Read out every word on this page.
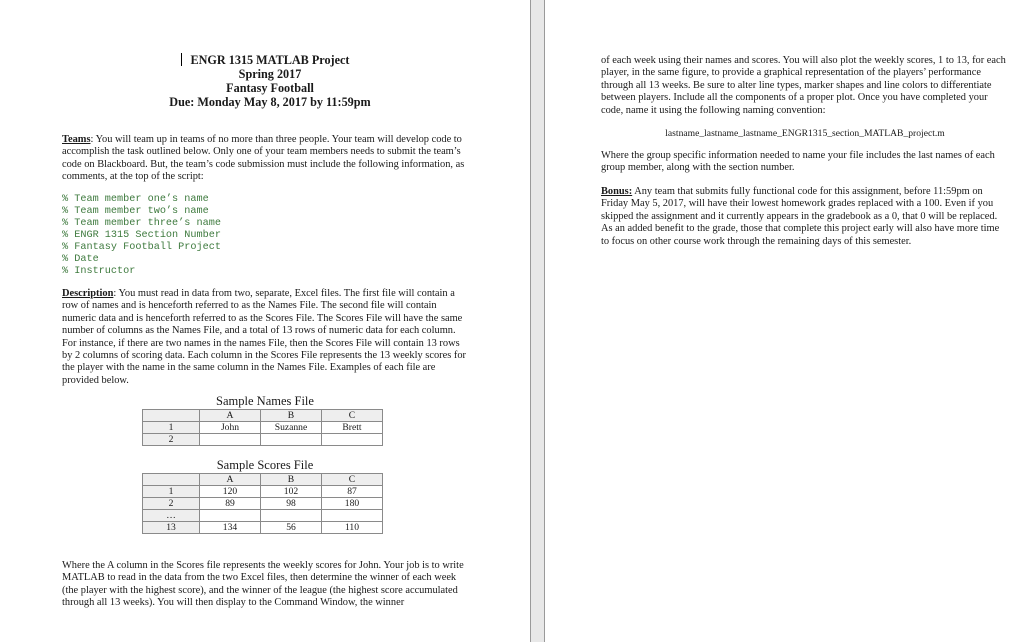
ENGR 1315 MATLAB Project
Spring 2017
Fantasy Football
Due: Monday May 8, 2017 by 11:59pm
Teams: You will team up in teams of no more than three people. Your team will develop code to accomplish the task outlined below. Only one of your team members needs to submit the team’s code on Blackboard. But, the team’s code submission must include the following information, as comments, at the top of the script:
% Team member one’s name
% Team member two’s name
% Team member three’s name
% ENGR 1315 Section Number
% Fantasy Football Project
% Date
% Instructor
Description: You must read in data from two, separate, Excel files. The first file will contain a row of names and is henceforth referred to as the Names File. The second file will contain numeric data and is henceforth referred to as the Scores File. The Scores File will have the same number of columns as the Names File, and a total of 13 rows of numeric data for each column. For instance, if there are two names in the names File, then the Scores File will contain 13 rows by 2 columns of scoring data. Each column in the Scores File represents the 13 weekly scores for the player with the name in the same column in the Names File. Examples of each file are provided below.
Sample Names File
	A	B	C
1	John	Suzanne	Brett
2			
Sample Scores File
	A	B	C
1	120	102	87
2	89	98	180
…			
13	134	56	110
Where the A column in the Scores file represents the weekly scores for John. Your job is to write MATLAB to read in the data from the two Excel files, then determine the winner of each week (the player with the highest score), and the winner of the league (the highest score accumulated through all 13 weeks). You will then display to the Command Window, the winner
of each week using their names and scores. You will also plot the weekly scores, 1 to 13, for each player, in the same figure, to provide a graphical representation of the players’ performance through all 13 weeks. Be sure to alter line types, marker shapes and line colors to differentiate between players. Include all the components of a proper plot. Once you have completed your code, name it using the following naming convention:
lastname_lastname_lastname_ENGR1315_section_MATLAB_project.m
Where the group specific information needed to name your file includes the last names of each group member, along with the section number.
Bonus: Any team that submits fully functional code for this assignment, before 11:59pm on Friday May 5, 2017, will have their lowest homework grades replaced with a 100. Even if you skipped the assignment and it currently appears in the gradebook as a 0, that 0 will be replaced. As an added benefit to the grade, those that complete this project early will also have more time to focus on other course work through the remaining days of this semester.
